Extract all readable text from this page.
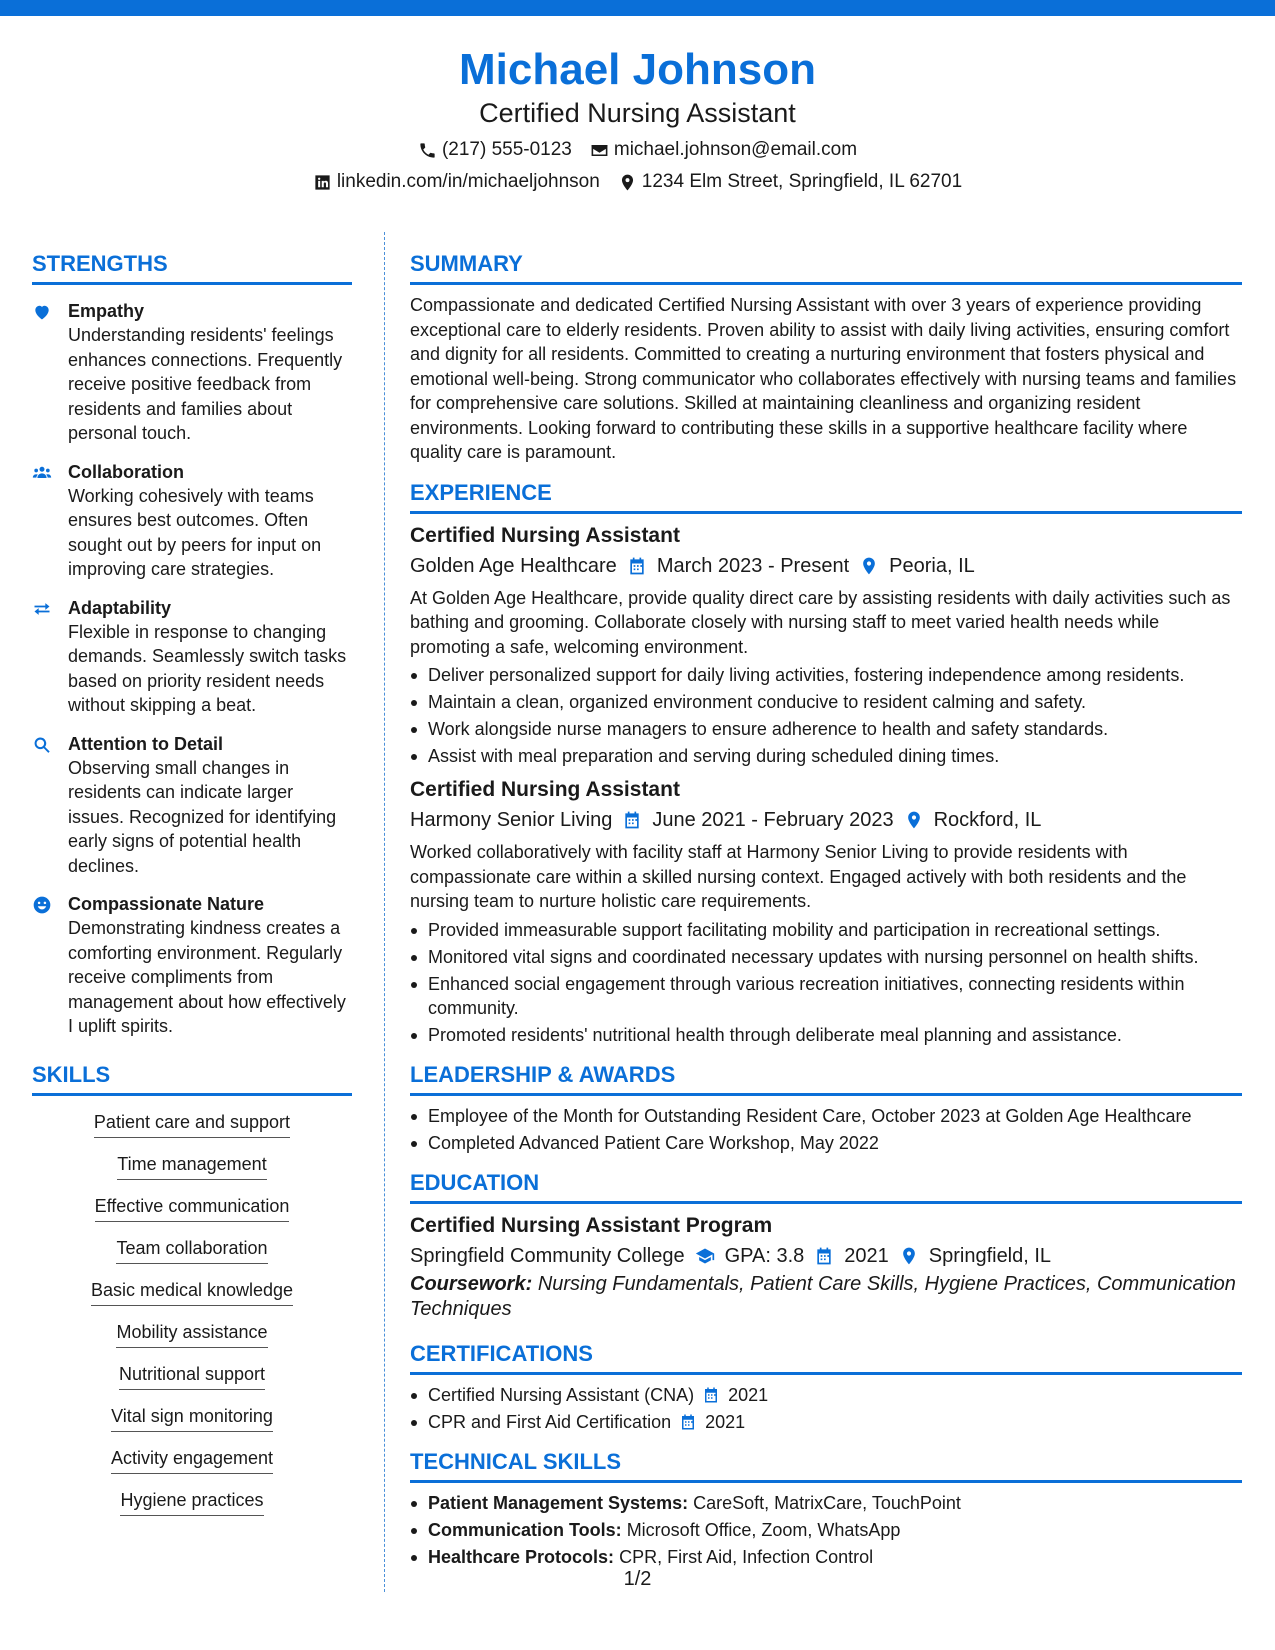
Michael Johnson
Certified Nursing Assistant
(217) 555-0123 michael.johnson@email.com
linkedin.com/in/michaeljohnson 1234 Elm Street, Springfield, IL 62701
STRENGTHS
Empathy
Understanding residents' feelings enhances connections. Frequently receive positive feedback from residents and families about personal touch.
Collaboration
Working cohesively with teams ensures best outcomes. Often sought out by peers for input on improving care strategies.
Adaptability
Flexible in response to changing demands. Seamlessly switch tasks based on priority resident needs without skipping a beat.
Attention to Detail
Observing small changes in residents can indicate larger issues. Recognized for identifying early signs of potential health declines.
Compassionate Nature
Demonstrating kindness creates a comforting environment. Regularly receive compliments from management about how effectively I uplift spirits.
SKILLS
Patient care and support
Time management
Effective communication
Team collaboration
Basic medical knowledge
Mobility assistance
Nutritional support
Vital sign monitoring
Activity engagement
Hygiene practices
SUMMARY
Compassionate and dedicated Certified Nursing Assistant with over 3 years of experience providing exceptional care to elderly residents. Proven ability to assist with daily living activities, ensuring comfort and dignity for all residents. Committed to creating a nurturing environment that fosters physical and emotional well-being. Strong communicator who collaborates effectively with nursing teams and families for comprehensive care solutions. Skilled at maintaining cleanliness and organizing resident environments. Looking forward to contributing these skills in a supportive healthcare facility where quality care is paramount.
EXPERIENCE
Certified Nursing Assistant
Golden Age Healthcare March 2023 - Present Peoria, IL
At Golden Age Healthcare, provide quality direct care by assisting residents with daily activities such as bathing and grooming. Collaborate closely with nursing staff to meet varied health needs while promoting a safe, welcoming environment.
Deliver personalized support for daily living activities, fostering independence among residents.
Maintain a clean, organized environment conducive to resident calming and safety.
Work alongside nurse managers to ensure adherence to health and safety standards.
Assist with meal preparation and serving during scheduled dining times.
Certified Nursing Assistant
Harmony Senior Living June 2021 - February 2023 Rockford, IL
Worked collaboratively with facility staff at Harmony Senior Living to provide residents with compassionate care within a skilled nursing context. Engaged actively with both residents and the nursing team to nurture holistic care requirements.
Provided immeasurable support facilitating mobility and participation in recreational settings.
Monitored vital signs and coordinated necessary updates with nursing personnel on health shifts.
Enhanced social engagement through various recreation initiatives, connecting residents within community.
Promoted residents' nutritional health through deliberate meal planning and assistance.
LEADERSHIP & AWARDS
Employee of the Month for Outstanding Resident Care, October 2023 at Golden Age Healthcare
Completed Advanced Patient Care Workshop, May 2022
EDUCATION
Certified Nursing Assistant Program
Springfield Community College GPA: 3.8 2021 Springfield, IL
Coursework: Nursing Fundamentals, Patient Care Skills, Hygiene Practices, Communication Techniques
CERTIFICATIONS
Certified Nursing Assistant (CNA) 2021
CPR and First Aid Certification 2021
TECHNICAL SKILLS
Patient Management Systems: CareSoft, MatrixCare, TouchPoint
Communication Tools: Microsoft Office, Zoom, WhatsApp
Healthcare Protocols: CPR, First Aid, Infection Control
1/2
